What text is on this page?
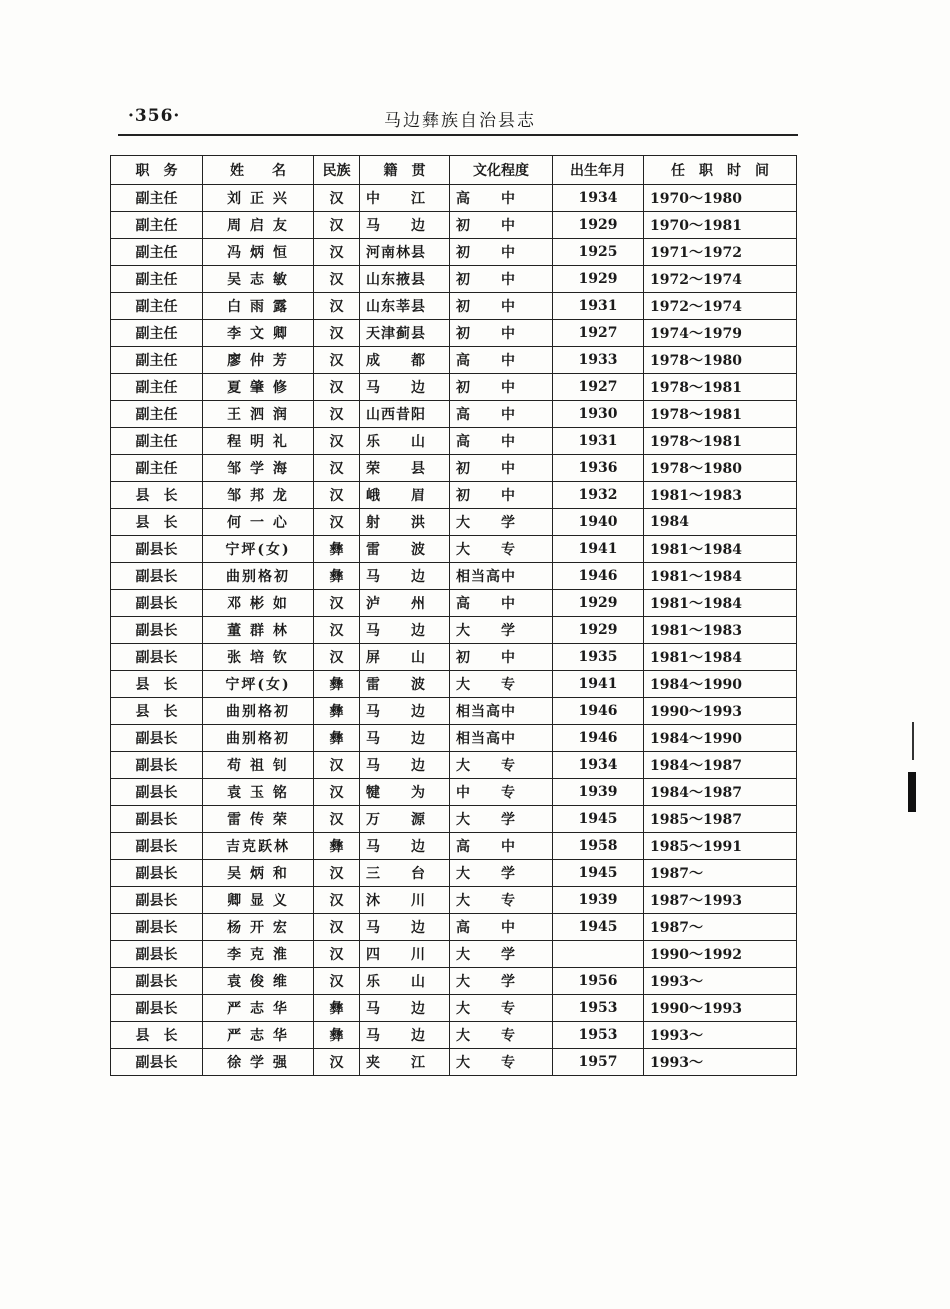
·356·	马边彝族自治县志
职　务	姓　　名	民族	籍　贯	文化程度	出生年月	任　职　时　间
副主任	刘 正 兴	汉	中　　江	高　　中	1934	1970～1980
副主任	周 启 友	汉	马　　边	初　　中	1929	1970～1981
副主任	冯 炳 恒	汉	河南林县	初　　中	1925	1971～1972
副主任	吴 志 敏	汉	山东掖县	初　　中	1929	1972～1974
副主任	白 雨 露	汉	山东莘县	初　　中	1931	1972～1974
副主任	李 文 卿	汉	天津蓟县	初　　中	1927	1974～1979
副主任	廖 仲 芳	汉	成　　都	高　　中	1933	1978～1980
副主任	夏 肇 修	汉	马　　边	初　　中	1927	1978～1981
副主任	王 泗 润	汉	山西昔阳	高　　中	1930	1978～1981
副主任	程 明 礼	汉	乐　　山	高　　中	1931	1978～1981
副主任	邹 学 海	汉	荣　　县	初　　中	1936	1978～1980
县　长	邹 邦 龙	汉	峨　　眉	初　　中	1932	1981～1983
县　长	何 一 心	汉	射　　洪	大　　学	1940	1984
副县长	宁坪(女)	彝	雷　　波	大　　专	1941	1981～1984
副县长	曲别格初	彝	马　　边	相当高中	1946	1981～1984
副县长	邓 彬 如	汉	泸　　州	高　　中	1929	1981～1984
副县长	董 群 林	汉	马　　边	大　　学	1929	1981～1983
副县长	张 培 钦	汉	屏　　山	初　　中	1935	1981～1984
县　长	宁坪(女)	彝	雷　　波	大　　专	1941	1984～1990
县　长	曲别格初	彝	马　　边	相当高中	1946	1990～1993
副县长	曲别格初	彝	马　　边	相当高中	1946	1984～1990
副县长	苟 祖 钊	汉	马　　边	大　　专	1934	1984～1987
副县长	袁 玉 铭	汉	犍　　为	中　　专	1939	1984～1987
副县长	雷 传 荣	汉	万　　源	大　　学	1945	1985～1987
副县长	吉克跃林	彝	马　　边	高　　中	1958	1985～1991
副县长	吴 炳 和	汉	三　　台	大　　学	1945	1987～
副县长	卿 显 义	汉	沐　　川	大　　专	1939	1987～1993
副县长	杨 开 宏	汉	马　　边	高　　中	1945	1987～
副县长	李 克 淮	汉	四　　川	大　　学		1990～1992
副县长	袁 俊 维	汉	乐　　山	大　　学	1956	1993～
副县长	严 志 华	彝	马　　边	大　　专	1953	1990～1993
县　长	严 志 华	彝	马　　边	大　　专	1953	1993～
副县长	徐 学 强	汉	夹　　江	大　　专	1957	1993～
